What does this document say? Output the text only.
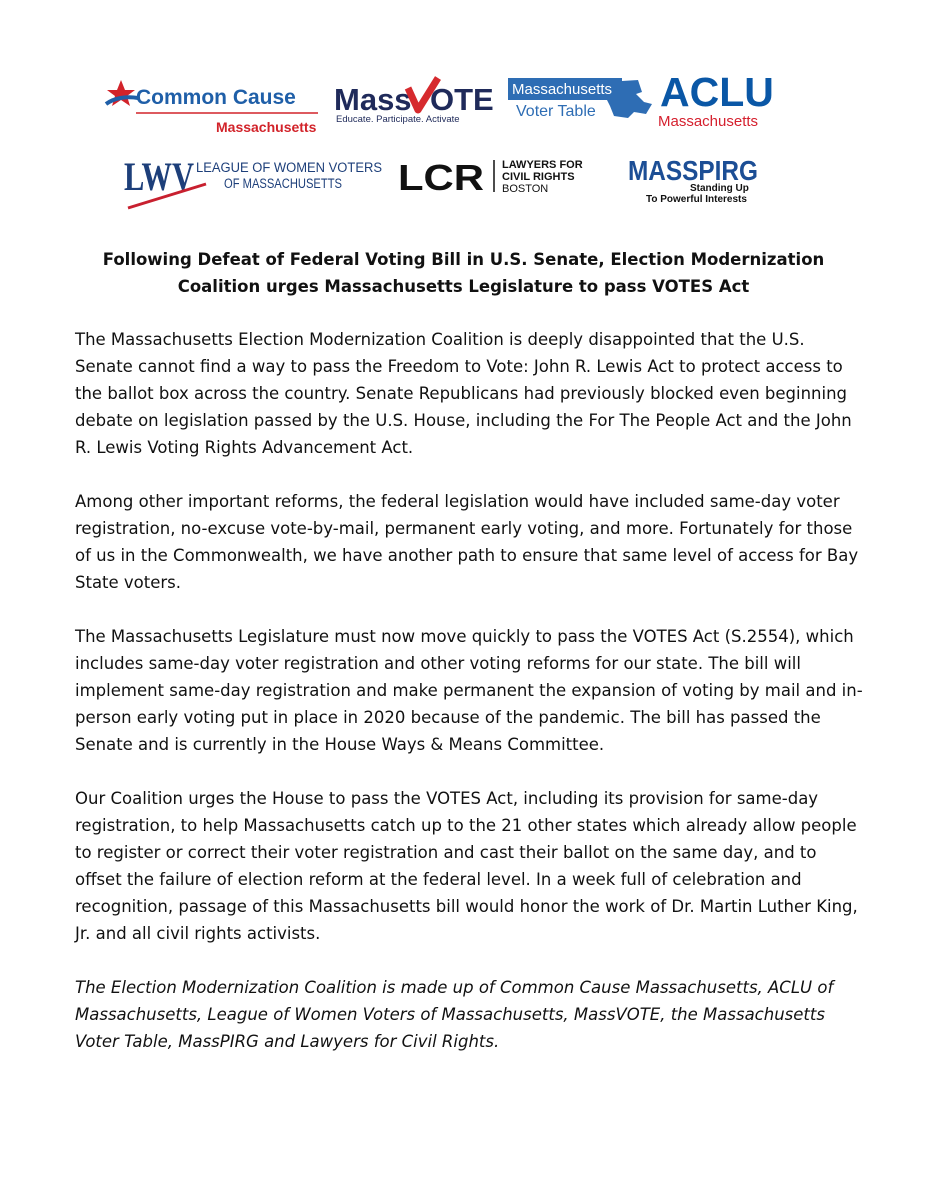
Common Cause
Massachusetts
Mass OTE
Educate. Participate. Activate
Massachusetts
Voter Table ACLU
Massachusetts
LWV LEAGUE OF WOMEN VOTERS
OF MASSACHUSETTS LCR LAWYERS FOR
CIVIL RIGHTS
BOSTON
MASSPIRG
Standing Up
To Powerful Interests
Following Defeat of Federal Voting Bill in U.S. Senate, Election Modernization
Coalition urges Massachusetts Legislature to pass VOTES Act

The Massachusetts Election Modernization Coalition is deeply disappointed that the U.S. Senate cannot find a way to pass the Freedom to Vote: John R. Lewis Act to protect access to the ballot box across the country. Senate Republicans had previously blocked even beginning debate on legislation passed by the U.S. House, including the For The People Act and the John R. Lewis Voting Rights Advancement Act.

Among other important reforms, the federal legislation would have included same-day voter registration, no-excuse vote-by-mail, permanent early voting, and more. Fortunately for those of us in the Commonwealth, we have another path to ensure that same level of access for Bay State voters.

The Massachusetts Legislature must now move quickly to pass the VOTES Act (S.2554), which includes same-day voter registration and other voting reforms for our state. The bill will implement same-day registration and make permanent the expansion of voting by mail and in-person early voting put in place in 2020 because of the pandemic. The bill has passed the Senate and is currently in the House Ways & Means Committee.

Our Coalition urges the House to pass the VOTES Act, including its provision for same-day registration, to help Massachusetts catch up to the 21 other states which already allow people to register or correct their voter registration and cast their ballot on the same day, and to offset the failure of election reform at the federal level. In a week full of celebration and recognition, passage of this Massachusetts bill would honor the work of Dr. Martin Luther King, Jr. and all civil rights activists.

The Election Modernization Coalition is made up of Common Cause Massachusetts, ACLU of Massachusetts, League of Women Voters of Massachusetts, MassVOTE, the Massachusetts Voter Table, MassPIRG and Lawyers for Civil Rights.
